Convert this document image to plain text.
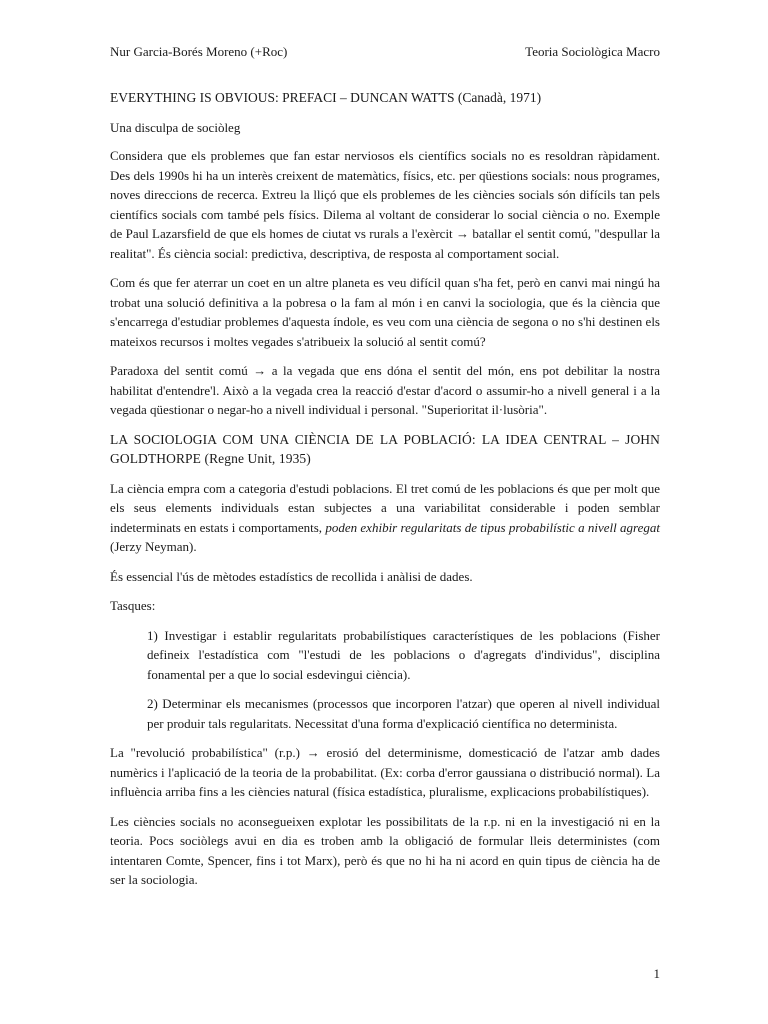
Nur Garcia-Borés Moreno (+Roc)	Teoria Sociològica Macro

EVERYTHING IS OBVIOUS: PREFACI – DUNCAN WATTS (Canadà, 1971)

Una disculpa de sociòleg

Considera que els problemes que fan estar nerviosos els científics socials no es resoldran ràpidament. Des dels 1990s hi ha un interès creixent de matemàtics, físics, etc. per qüestions socials: nous programes, noves direccions de recerca. Extreu la lliçó que els problemes de les ciències socials són difícils tan pels científics socials com també pels físics. Dilema al voltant de considerar lo social ciència o no. Exemple de Paul Lazarsfield de que els homes de ciutat vs rurals a l'exèrcit → batallar el sentit comú, "despullar la realitat". És ciència social: predictiva, descriptiva, de resposta al comportament social.

Com és que fer aterrar un coet en un altre planeta es veu difícil quan s'ha fet, però en canvi mai ningú ha trobat una solució definitiva a la pobresa o la fam al món i en canvi la sociologia, que és la ciència que s'encarrega d'estudiar problemes d'aquesta índole, es veu com una ciència de segona o no s'hi destinen els mateixos recursos i moltes vegades s'atribueix la solució al sentit comú?

Paradoxa del sentit comú → a la vegada que ens dóna el sentit del món, ens pot debilitar la nostra habilitat d'entendre'l. Això a la vegada crea la reacció d'estar d'acord o assumir-ho a nivell general i a la vegada qüestionar o negar-ho a nivell individual i personal. "Superioritat il·lusòria".

LA SOCIOLOGIA COM UNA CIÈNCIA DE LA POBLACIÓ: LA IDEA CENTRAL – JOHN GOLDTHORPE (Regne Unit, 1935)

La ciència empra com a categoria d'estudi poblacions. El tret comú de les poblacions és que per molt que els seus elements individuals estan subjectes a una variabilitat considerable i poden semblar indeterminats en estats i comportaments, poden exhibir regularitats de tipus probabilístic a nivell agregat (Jerzy Neyman).

És essencial l'ús de mètodes estadístics de recollida i anàlisi de dades.

Tasques:

1) Investigar i establir regularitats probabilístiques característiques de les poblacions (Fisher defineix l'estadística com "l'estudi de les poblacions o d'agregats d'individus", disciplina fonamental per a que lo social esdevingui ciència).

2) Determinar els mecanismes (processos que incorporen l'atzar) que operen al nivell individual per produir tals regularitats. Necessitat d'una forma d'explicació científica no determinista.

La "revolució probabilística" (r.p.) → erosió del determinisme, domesticació de l'atzar amb dades numèrics i l'aplicació de la teoria de la probabilitat. (Ex: corba d'error gaussiana o distribució normal). La influència arriba fins a les ciències natural (física estadística, pluralisme, explicacions probabilístiques).

Les ciències socials no aconsegueixen explotar les possibilitats de la r.p. ni en la investigació ni en la teoria. Pocs sociòlegs avui en dia es troben amb la obligació de formular lleis deterministes (com intentaren Comte, Spencer, fins i tot Marx), però és que no hi ha ni acord en quin tipus de ciència ha de ser la sociologia.

1
